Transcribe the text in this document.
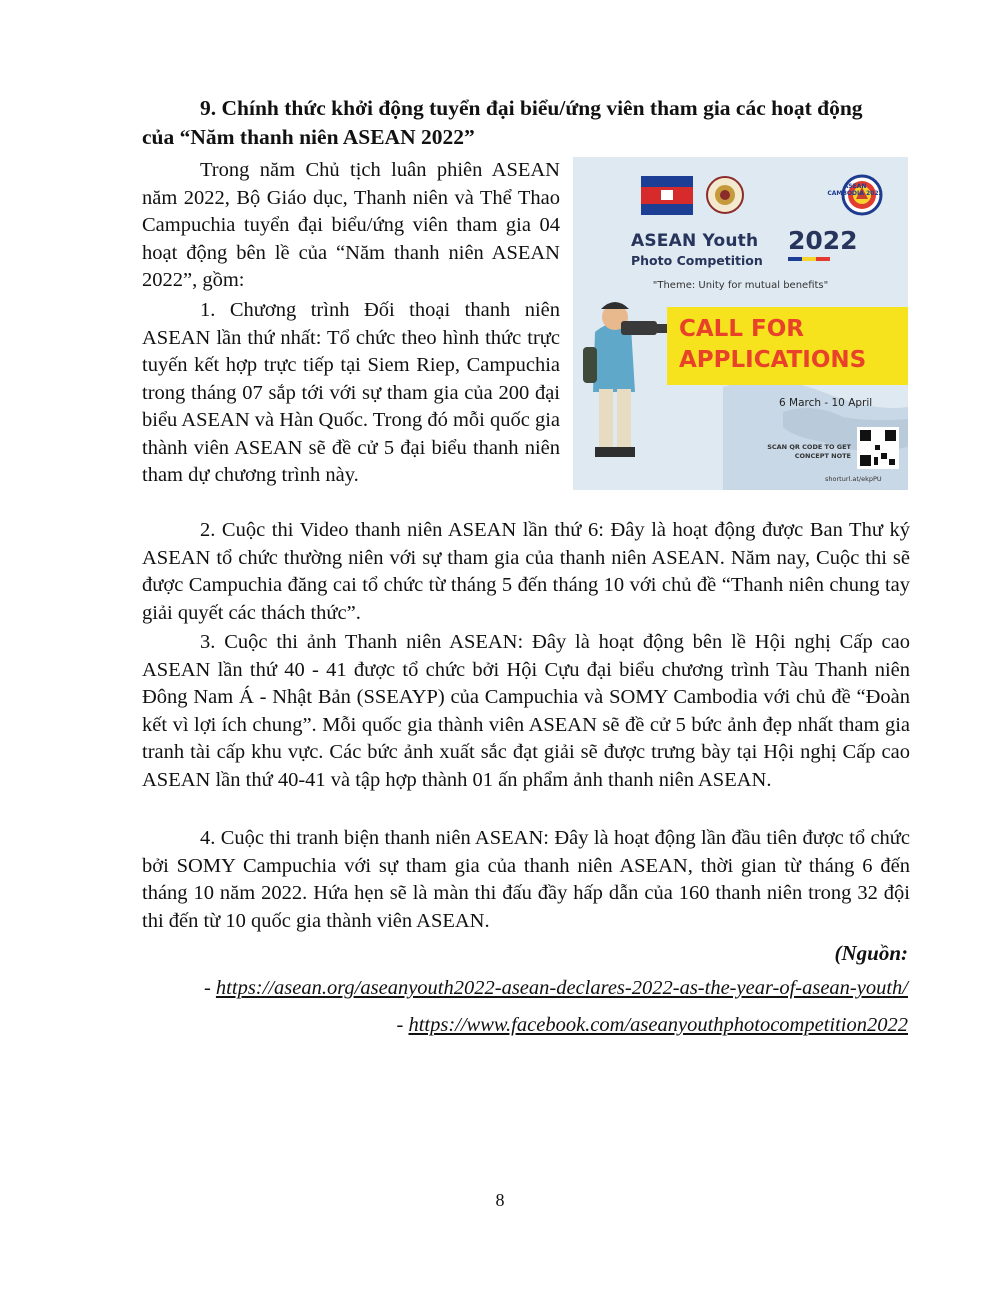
9. Chính thức khởi động tuyển đại biểu/ứng viên tham gia các hoạt động
của “Năm thanh niên ASEAN 2022”

Trong năm Chủ tịch luân phiên ASEAN năm 2022, Bộ Giáo dục, Thanh niên và Thể Thao Campuchia tuyển đại biểu/ứng viên tham gia 04 hoạt động bên lề của “Năm thanh niên ASEAN 2022”, gồm:

1. Chương trình Đối thoại thanh niên ASEAN lần thứ nhất: Tổ chức theo hình thức trực tuyến kết hợp trực tiếp tại Siem Riep, Campuchia trong tháng 07 sắp tới với sự tham gia của 200 đại biểu ASEAN và Hàn Quốc. Trong đó mỗi quốc gia thành viên ASEAN sẽ đề cử 5 đại biểu thanh niên tham dự chương trình này.

ASEAN CAMBODIA 2022
ASEAN Youth 2022
Photo Competition
"Theme: Unity for mutual benefits"
CALL FOR
APPLICATIONS
6 March - 10 April
SCAN QR CODE TO GET CONCEPT NOTE
shorturl.at/ekpPU

2. Cuộc thi Video thanh niên ASEAN lần thứ 6: Đây là hoạt động được Ban Thư ký ASEAN tổ chức thường niên với sự tham gia của thanh niên ASEAN. Năm nay, Cuộc thi sẽ được Campuchia đăng cai tổ chức từ tháng 5 đến tháng 10 với chủ đề “Thanh niên chung tay giải quyết các thách thức”.

3. Cuộc thi ảnh Thanh niên ASEAN: Đây là hoạt động bên lề Hội nghị Cấp cao ASEAN lần thứ 40 - 41 được tổ chức bởi Hội Cựu đại biểu chương trình Tàu Thanh niên Đông Nam Á - Nhật Bản (SSEAYP) của Campuchia và SOMY Cambodia với chủ đề “Đoàn kết vì lợi ích chung”. Mỗi quốc gia thành viên ASEAN sẽ đề cử 5 bức ảnh đẹp nhất tham gia tranh tài cấp khu vực. Các bức ảnh xuất sắc đạt giải sẽ được trưng bày tại Hội nghị Cấp cao ASEAN lần thứ 40-41 và tập hợp thành 01 ấn phẩm ảnh thanh niên ASEAN.

4. Cuộc thi tranh biện thanh niên ASEAN: Đây là hoạt động lần đầu tiên được tổ chức bởi SOMY Campuchia với sự tham gia của thanh niên ASEAN, thời gian từ tháng 6 đến tháng 10 năm 2022. Hứa hẹn sẽ là màn thi đấu đầy hấp dẫn của 160 thanh niên trong 32 đội thi đến từ 10 quốc gia thành viên ASEAN.

(Nguồn:
- https://asean.org/aseanyouth2022-asean-declares-2022-as-the-year-of-asean-youth/
- https://www.facebook.com/aseanyouthphotocompetition2022
8
